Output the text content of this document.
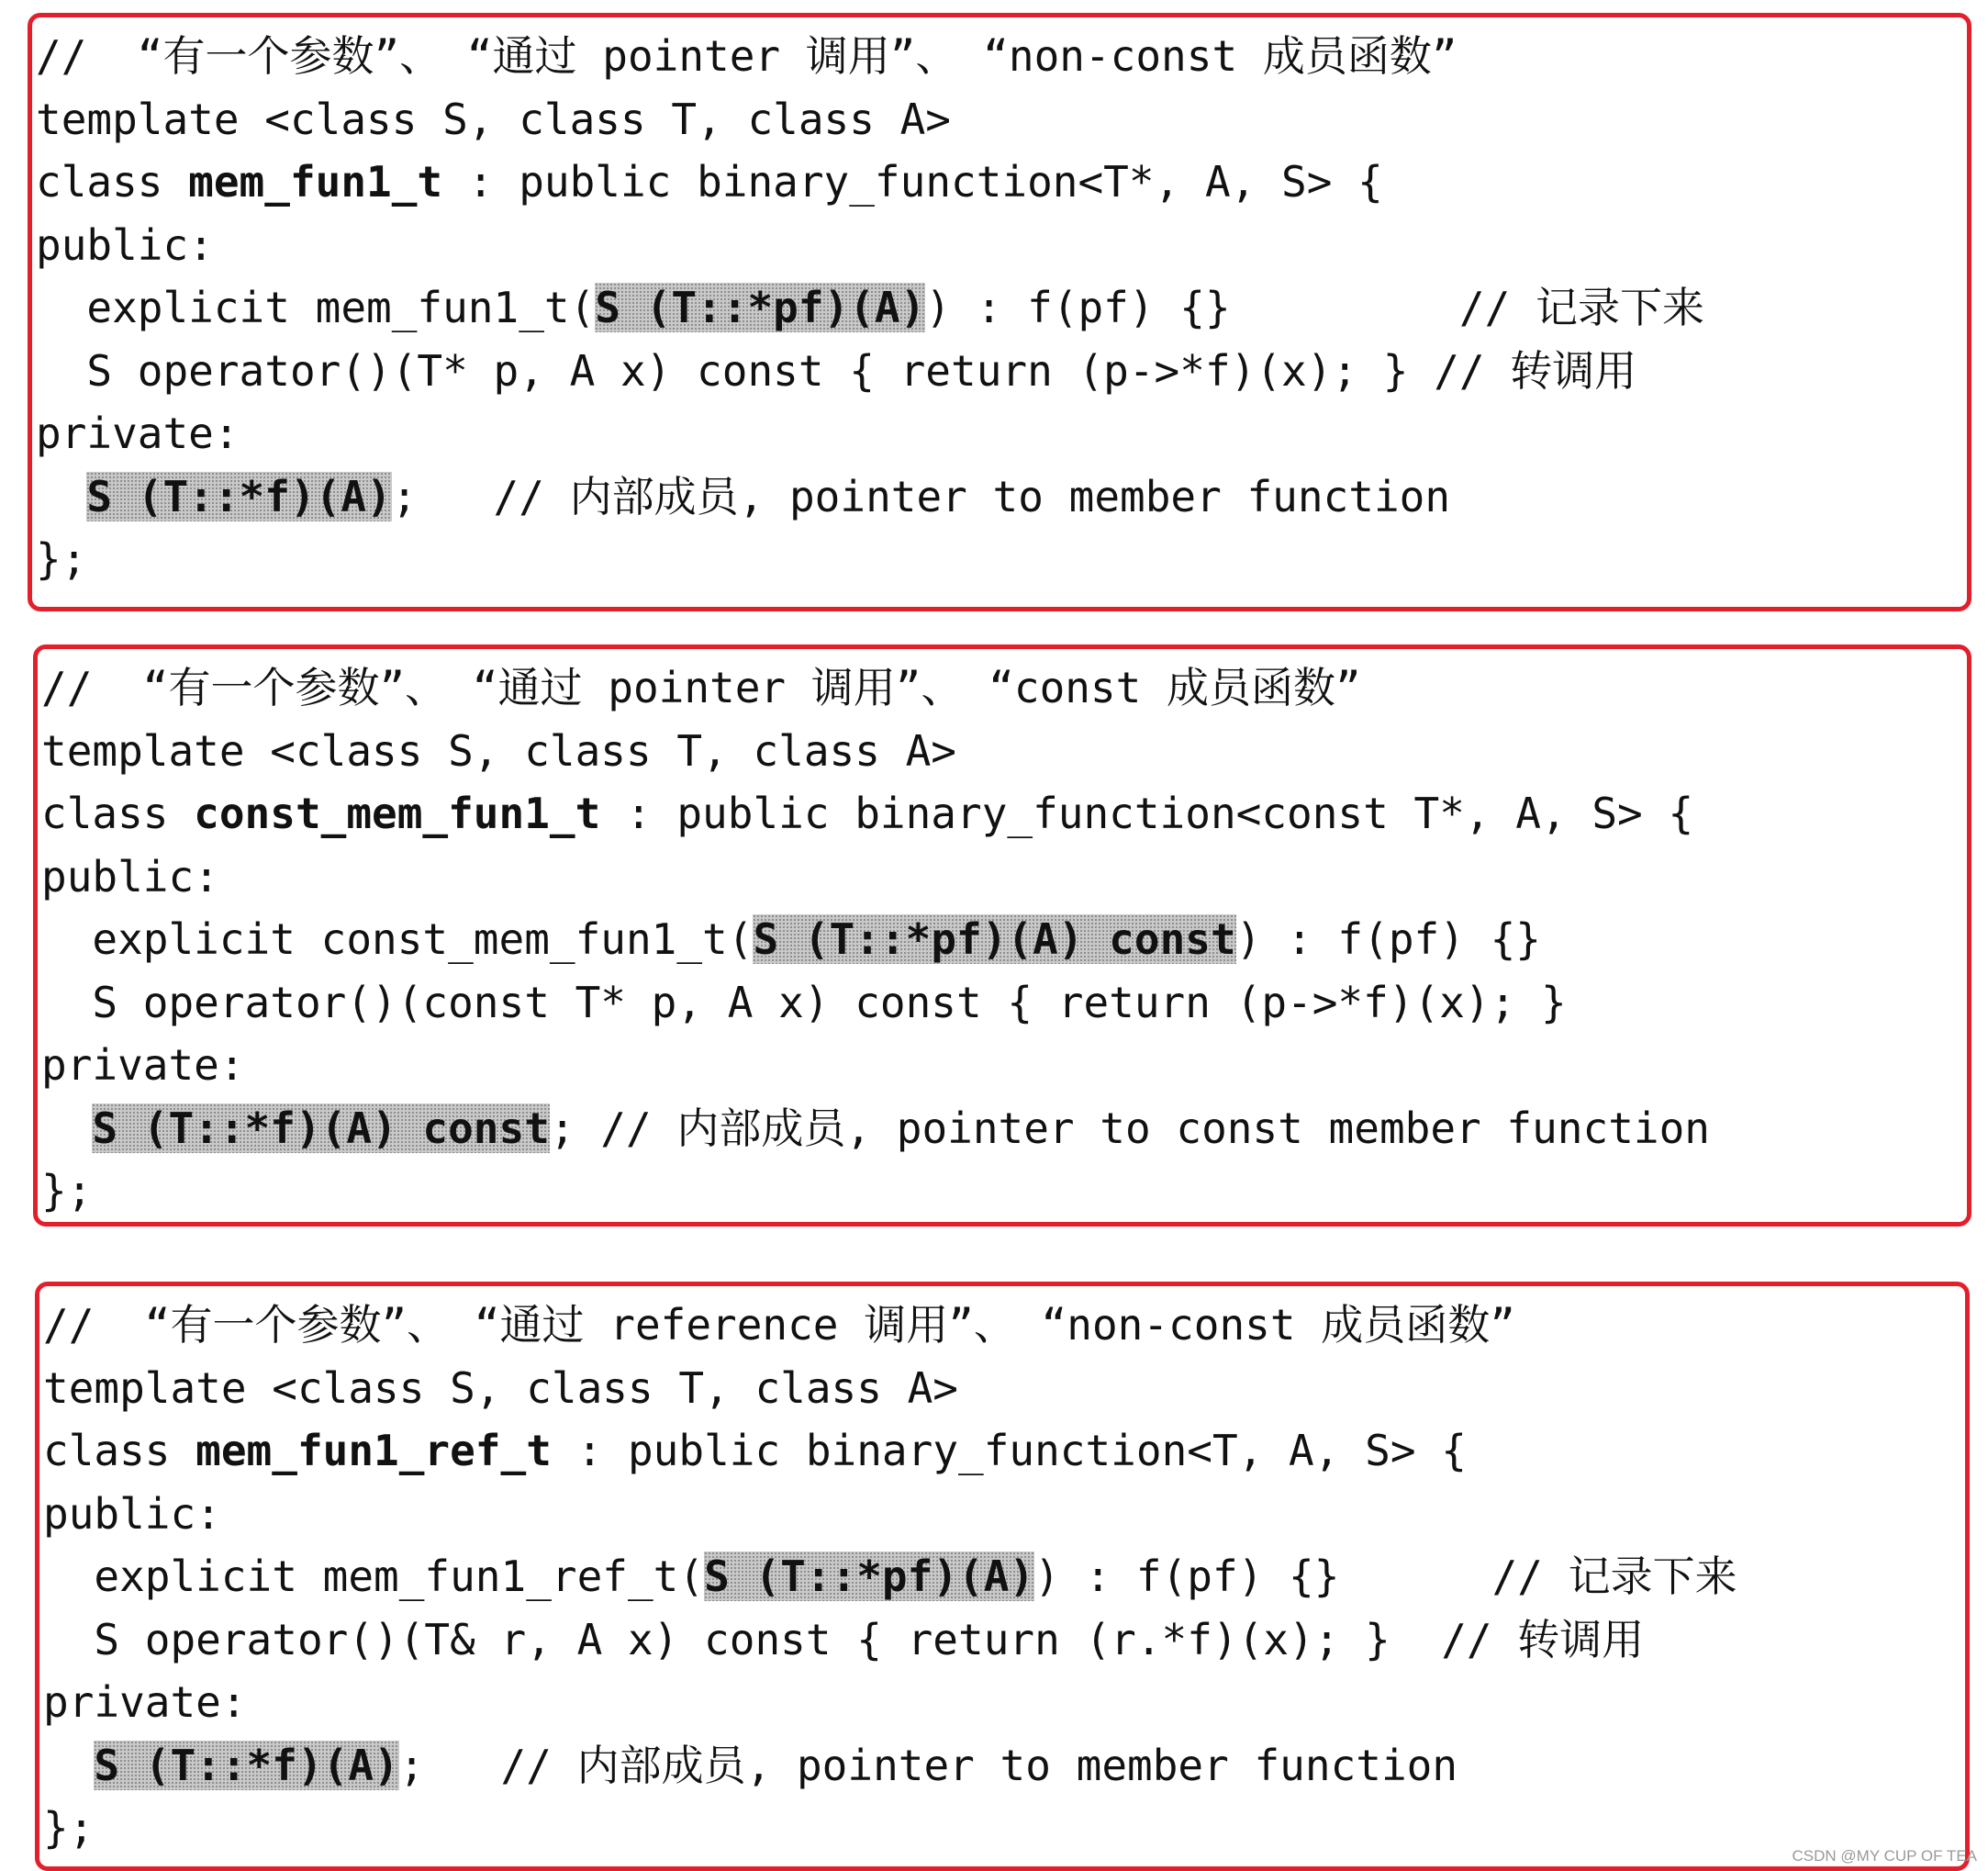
//  “有一个参数”、 “通过 pointer 调用”、 “non-const 成员函数”
template <class S, class T, class A>
class mem_fun1_t : public binary_function<T*, A, S> {
public:
explicit mem_fun1_t(S (T::*pf)(A)) : f(pf) {}         // 记录下来
S operator()(T* p, A x) const { return (p->*f)(x); } // 转调用
private:
S (T::*f)(A);   // 内部成员, pointer to member function
};
//  “有一个参数”、 “通过 pointer 调用”、 “const 成员函数”
template <class S, class T, class A>
class const_mem_fun1_t : public binary_function<const T*, A, S> {
public:
explicit const_mem_fun1_t(S (T::*pf)(A) const) : f(pf) {}
S operator()(const T* p, A x) const { return (p->*f)(x); }
private:
S (T::*f)(A) const; // 内部成员, pointer to const member function
};
//  “有一个参数”、 “通过 reference 调用”、 “non-const 成员函数”
template <class S, class T, class A>
class mem_fun1_ref_t : public binary_function<T, A, S> {
public:
explicit mem_fun1_ref_t(S (T::*pf)(A)) : f(pf) {}      // 记录下来
S operator()(T& r, A x) const { return (r.*f)(x); }  // 转调用
private:
S (T::*f)(A);   // 内部成员, pointer to member function
};
CSDN @MY CUP OF TEA
